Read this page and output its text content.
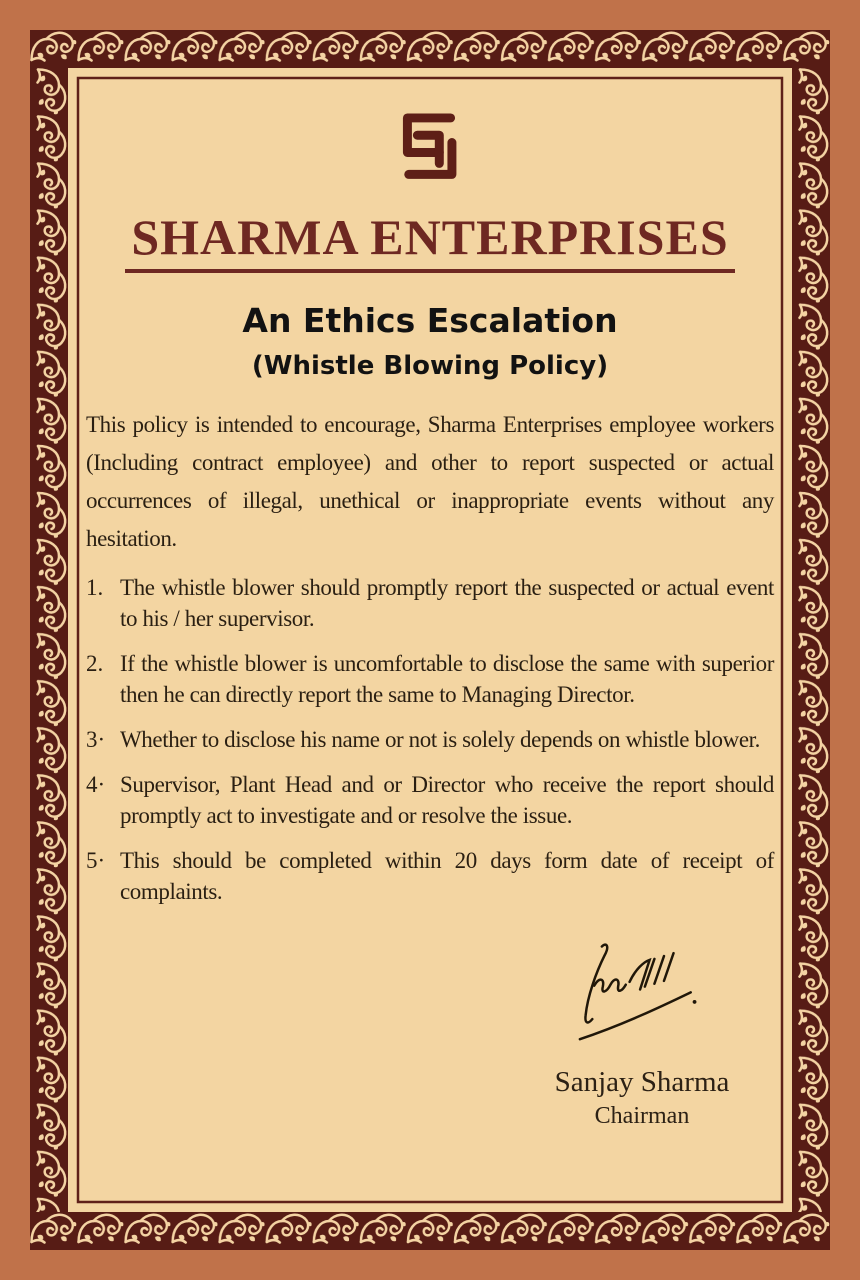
SHARMA ENTERPRISES
An Ethics Escalation
(Whistle Blowing Policy)

This policy is intended to encourage, Sharma Enterprises employee workers (Including contract employee) and other to report suspected or actual occurrences of illegal, unethical or inappropriate events without any hesitation.

1. The whistle blower should promptly report the suspected or actual event to his / her supervisor.
2. If the whistle blower is uncomfortable to disclose the same with superior then he can directly report the same to Managing Director.
3· Whether to disclose his name or not is solely depends on whistle blower.
4· Supervisor, Plant Head and or Director who receive the report should promptly act to investigate and or resolve the issue.
5· This should be completed within 20 days form date of receipt of complaints.
Sanjay Sharma
Chairman
